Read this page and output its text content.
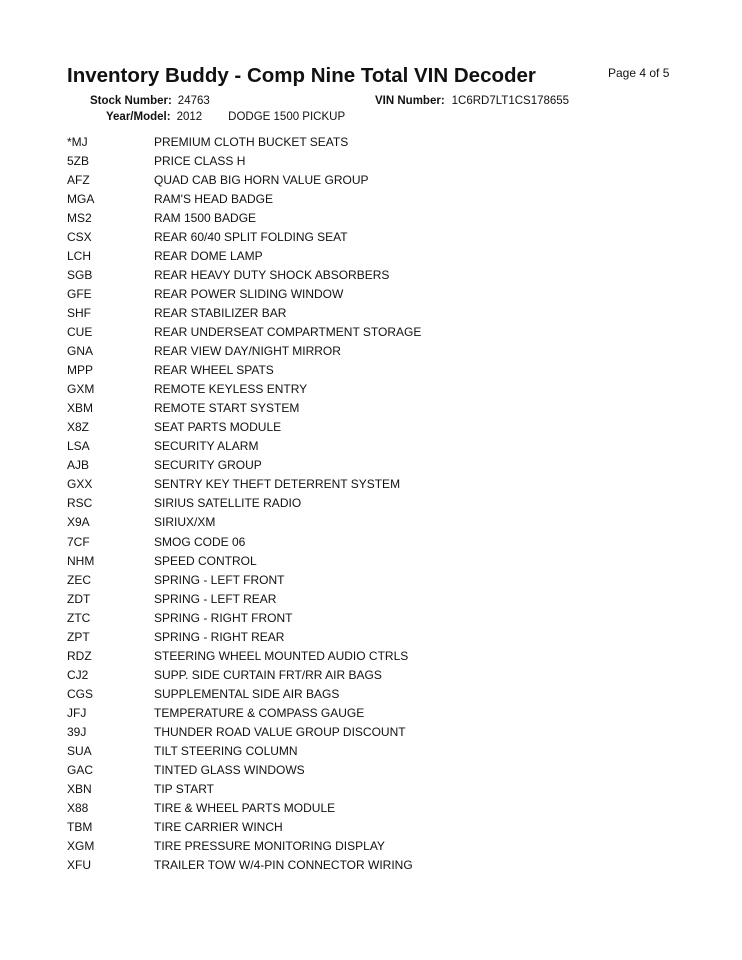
Inventory Buddy - Comp Nine Total VIN Decoder	Page 4 of 5
Stock Number: 24763
Year/Model: 2012 DODGE 1500 PICKUP
VIN Number: 1C6RD7LT1CS178655
*MJ	PREMIUM CLOTH BUCKET SEATS
5ZB	PRICE CLASS H
AFZ	QUAD CAB BIG HORN VALUE GROUP
MGA	RAM'S HEAD BADGE
MS2	RAM 1500 BADGE
CSX	REAR 60/40 SPLIT FOLDING SEAT
LCH	REAR DOME LAMP
SGB	REAR HEAVY DUTY SHOCK ABSORBERS
GFE	REAR POWER SLIDING WINDOW
SHF	REAR STABILIZER BAR
CUE	REAR UNDERSEAT COMPARTMENT STORAGE
GNA	REAR VIEW DAY/NIGHT MIRROR
MPP	REAR WHEEL SPATS
GXM	REMOTE KEYLESS ENTRY
XBM	REMOTE START SYSTEM
X8Z	SEAT PARTS MODULE
LSA	SECURITY ALARM
AJB	SECURITY GROUP
GXX	SENTRY KEY THEFT DETERRENT SYSTEM
RSC	SIRIUS SATELLITE RADIO
X9A	SIRIUX/XM
7CF	SMOG CODE 06
NHM	SPEED CONTROL
ZEC	SPRING - LEFT FRONT
ZDT	SPRING - LEFT REAR
ZTC	SPRING - RIGHT FRONT
ZPT	SPRING - RIGHT REAR
RDZ	STEERING WHEEL MOUNTED AUDIO CTRLS
CJ2	SUPP. SIDE CURTAIN FRT/RR AIR BAGS
CGS	SUPPLEMENTAL SIDE AIR BAGS
JFJ	TEMPERATURE & COMPASS GAUGE
39J	THUNDER ROAD VALUE GROUP DISCOUNT
SUA	TILT STEERING COLUMN
GAC	TINTED GLASS WINDOWS
XBN	TIP START
X88	TIRE & WHEEL PARTS MODULE
TBM	TIRE CARRIER WINCH
XGM	TIRE PRESSURE MONITORING DISPLAY
XFU	TRAILER TOW W/4-PIN CONNECTOR WIRING
